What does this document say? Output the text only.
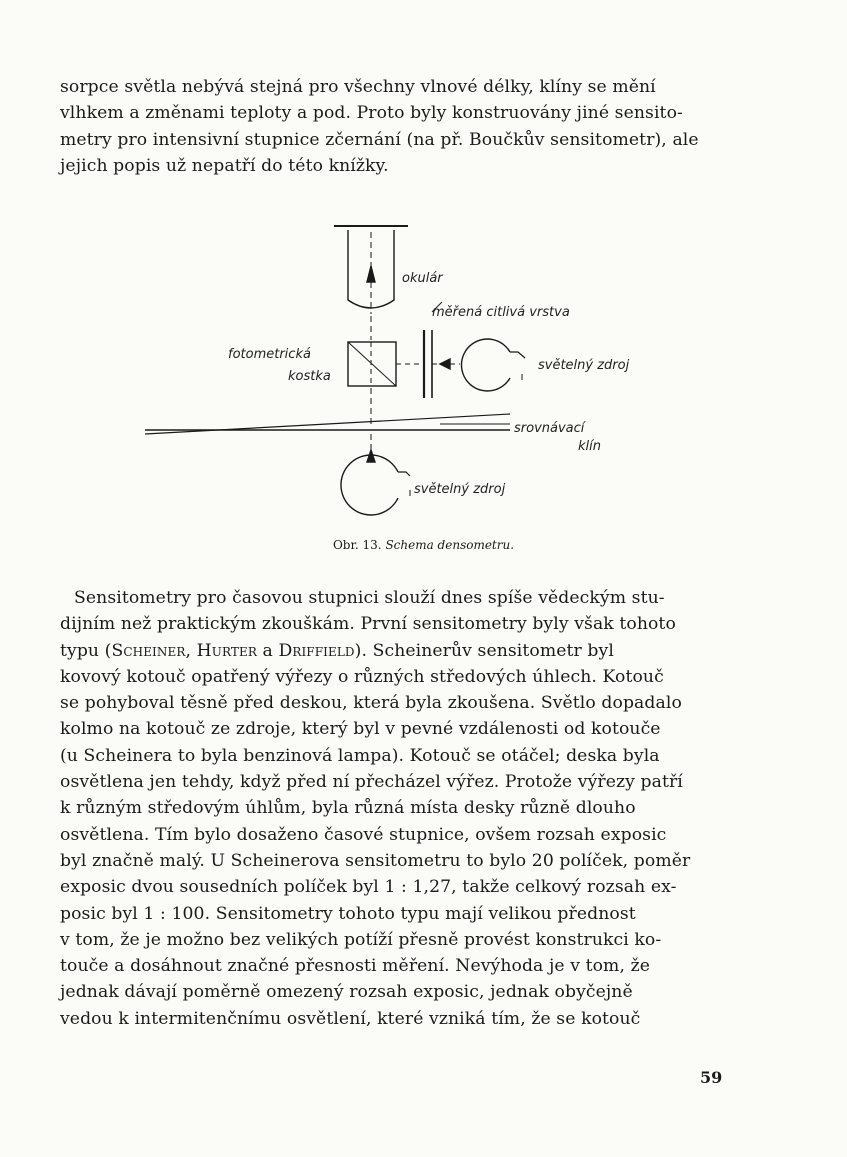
sorpce světla nebývá stejná pro všechny vlnové délky, klíny se mění

vlhkem a změnami teploty a pod. Proto byly konstruovány jiné sensito-

metry pro intensivní stupnice zčernání (na př. Boučkův sensitometr), ale

jejich popis už nepatří do této knížky.

okulár
měřená citlivá vrstva
fotometrická
kostka
světelný zdroj
srovnávací
klín
světelný zdroj
Obr. 13. Schema densometru.

Sensitometry pro časovou stupnici slouží dnes spíše vědeckým stu-

dijním než praktickým zkouškám. První sensitometry byly však tohoto

typu (Scheiner, Hurter a Driffield). Scheinerův sensitometr byl

kovový kotouč opatřený výřezy o různých středových úhlech. Kotouč

se pohyboval těsně před deskou, která byla zkoušena. Světlo dopadalo

kolmo na kotouč ze zdroje, který byl v pevné vzdálenosti od kotouče

(u Scheinera to byla benzinová lampa). Kotouč se otáčel; deska byla

osvětlena jen tehdy, když před ní přecházel výřez. Protože výřezy patří

k různým středovým úhlům, byla různá místa desky různě dlouho

osvětlena. Tím bylo dosaženo časové stupnice, ovšem rozsah exposic

byl značně malý. U Scheinerova sensitometru to bylo 20 políček, poměr

exposic dvou sousedních políček byl 1 : 1,27, takže celkový rozsah ex-

posic byl 1 : 100. Sensitometry tohoto typu mají velikou přednost

v tom, že je možno bez velikých potíží přesně provést konstrukci ko-

touče a dosáhnout značné přesnosti měření. Nevýhoda je v tom, že

jednak dávají poměrně omezený rozsah exposic, jednak obyčejně

vedou k intermitenčnímu osvětlení, které vzniká tím, že se kotouč

59
